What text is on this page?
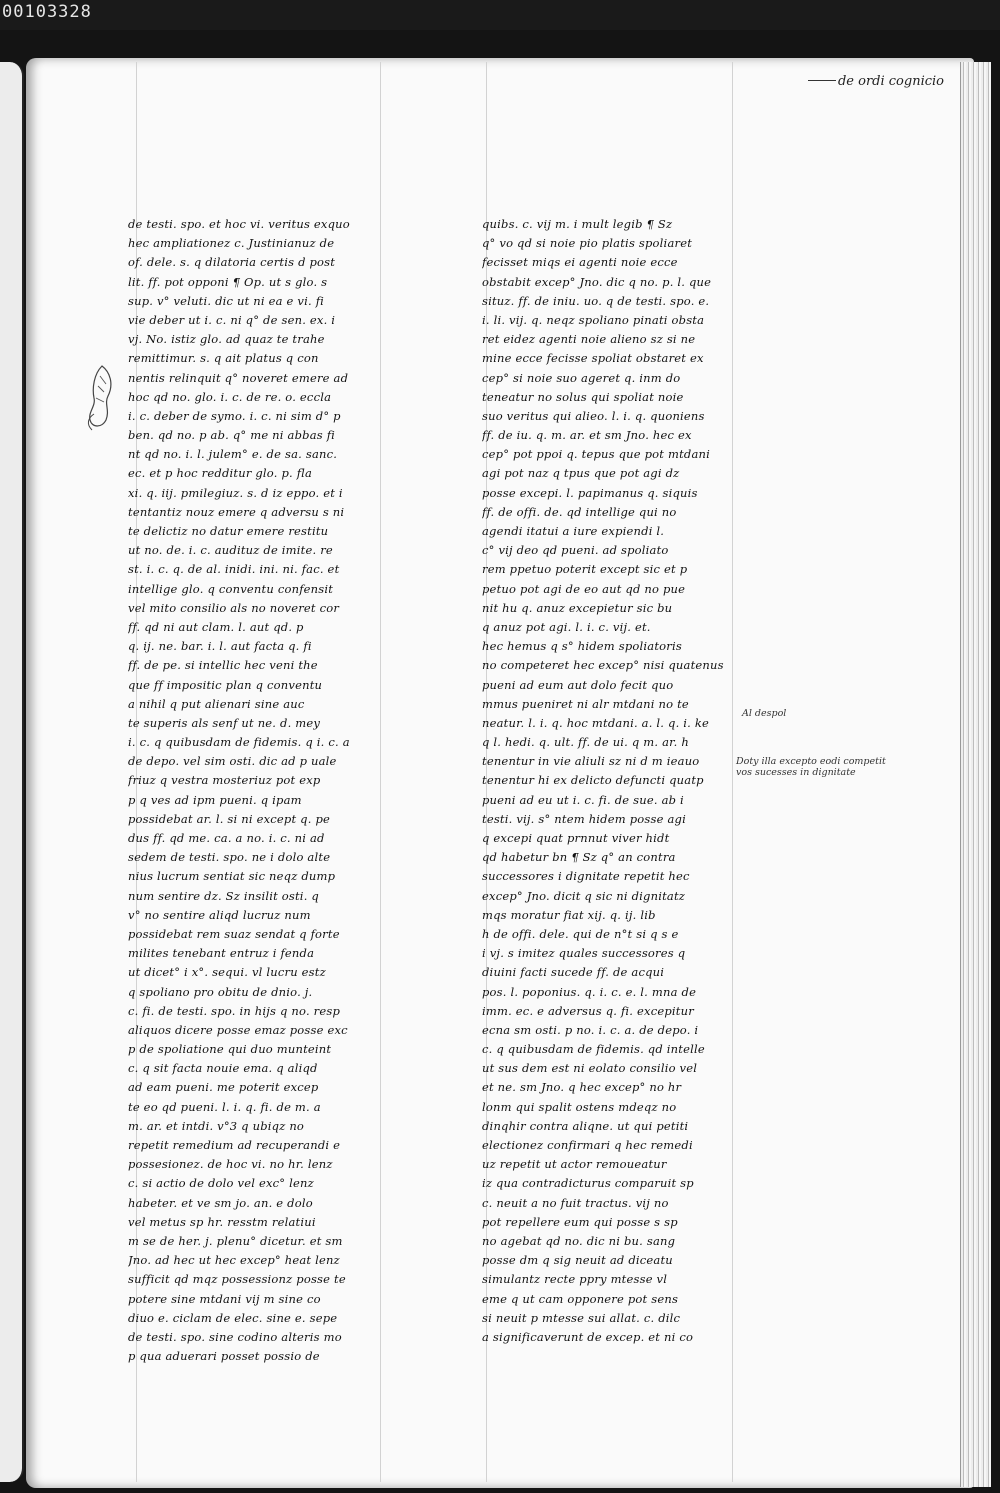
00103328
de ordi cognicio
de testi. spo. et hoc vi. veritus exquo
hec ampliationez c. Justinianuz de
of. dele. s. q dilatoria certis d post
lit. ff. pot opponi ¶ Op. ut s glo. s
sup. v° veluti. dic ut ni ea e vi. fi
vie deber ut i. c. ni q° de sen. ex. i
vj. No. istiz glo. ad quaz te trahe
remittimur. s. q ait platus q con
nentis relinquit q° noveret emere ad
hoc qd no. glo. i. c. de re. o. eccla
i. c. deber de symo. i. c. ni sim d° p
ben. qd no. p ab. q° me ni abbas fi
nt qd no. i. l. julem° e. de sa. sanc.
ec. et p hoc redditur glo. p. fla
xi. q. iij. pmilegiuz. s. d iz eppo. et i
tentantiz nouz emere q adversu s ni
te delictiz no datur emere restitu
ut no. de. i. c. audituz de imite. re
st. i. c. q. de al. inidi. ini. ni. fac. et
intellige glo. q conventu confensit
vel mito consilio als no noveret cor
ff. qd ni aut clam. l. aut qd. p
q. ij. ne. bar. i. l. aut facta q. fi
ff. de pe. si intellic hec veni the
que ff impositic plan q conventu
a nihil q put alienari sine auc
te superis als senf ut ne. d. mey
i. c. q quibusdam de fidemis. q i. c. a
de depo. vel sim osti. dic ad p uale
friuz q vestra mosteriuz pot exp
p q ves ad ipm pueni. q ipam
possidebat ar. l. si ni except q. pe
dus ff. qd me. ca. a no. i. c. ni ad
sedem de testi. spo. ne i dolo alte
nius lucrum sentiat sic neqz dump
num sentire dz. Sz insilit osti. q
v° no sentire aliqd lucruz num
possidebat rem suaz sendat q forte
milites tenebant entruz i fenda
ut dicet° i x°. sequi. vl lucru estz
q spoliano pro obitu de dnio. j.
c. fi. de testi. spo. in hijs q no. resp
aliquos dicere posse emaz posse exc
p de spoliatione qui duo munteint
c. q sit facta nouie ema. q aliqd
ad eam pueni. me poterit excep
te eo qd pueni. l. i. q. fi. de m. a
m. ar. et intdi. v°3 q ubiqz no
repetit remedium ad recuperandi e
possesionez. de hoc vi. no hr. lenz
c. si actio de dolo vel exc° lenz
habeter. et ve sm jo. an. e dolo
vel metus sp hr. resstm relatiui
m se de her. j. plenu° dicetur. et sm
Jno. ad hec ut hec excep° heat lenz
sufficit qd mqz possessionz posse te
potere sine mtdani vij m sine co
diuo e. ciclam de elec. sine e. sepe
de testi. spo. sine codino alteris mo
p qua aduerari posset possio de
quibs. c. vij m. i mult legib ¶ Sz
q° vo qd si noie pio platis spoliaret
fecisset miqs ei agenti noie ecce
obstabit excep° Jno. dic q no. p. l. que
situz. ff. de iniu. uo. q de testi. spo. e.
i. li. vij. q. neqz spoliano pinati obsta
ret eidez agenti noie alieno sz si ne
mine ecce fecisse spoliat obstaret ex
cep° si noie suo ageret q. inm do
teneatur no solus qui spoliat noie
suo veritus qui alieo. l. i. q. quoniens
ff. de iu. q. m. ar. et sm Jno. hec ex
cep° pot ppoi q. tepus que pot mtdani
agi pot naz q tpus que pot agi dz
posse excepi. l. papimanus q. siquis
ff. de offi. de. qd intellige qui no
agendi itatui a iure expiendi l.
c° vij deo qd pueni. ad spoliato
rem ppetuo poterit except sic et p
petuo pot agi de eo aut qd no pue
nit hu q. anuz excepietur sic bu
q anuz pot agi. l. i. c. vij. et.
hec hemus q s° hidem spoliatoris
no competeret hec excep° nisi quatenus
pueni ad eum aut dolo fecit quo
mmus pueniret ni alr mtdani no te
neatur. l. i. q. hoc mtdani. a. l. q. i. ke
q l. hedi. q. ult. ff. de ui. q m. ar. h
tenentur in vie aliuli sz ni d m ieauo
tenentur hi ex delicto defuncti quatp
pueni ad eu ut i. c. fi. de sue. ab i
testi. vij. s° ntem hidem posse agi
q excepi quat prnnut viver hidt
qd habetur bn ¶ Sz q° an contra
successores i dignitate repetit hec
excep° Jno. dicit q sic ni dignitatz
mqs moratur fiat xij. q. ij. lib
h de offi. dele. qui de n°t si q s e
i vj. s imitez quales successores q
diuini facti sucede ff. de acqui
pos. l. poponius. q. i. c. e. l. mna de
imm. ec. e adversus q. fi. excepitur
ecna sm osti. p no. i. c. a. de depo. i
c. q quibusdam de fidemis. qd intelle
ut sus dem est ni eolato consilio vel
et ne. sm Jno. q hec excep° no hr
lonm qui spalit ostens mdeqz no
dinqhir contra aliqne. ut qui petiti
electionez confirmari q hec remedi
uz repetit ut actor remoueatur
iz qua contradicturus comparuit sp
c. neuit a no fuit tractus. vij no
pot repellere eum qui posse s sp
no agebat qd no. dic ni bu. sang
posse dm q sig neuit ad diceatu
simulantz recte ppry mtesse vl
eme q ut cam opponere pot sens
si neuit p mtesse sui allat. c. dilc
a significaverunt de excep. et ni co
Al despol
Doty illa excepto eodi competit
vos sucesses in dignitate
